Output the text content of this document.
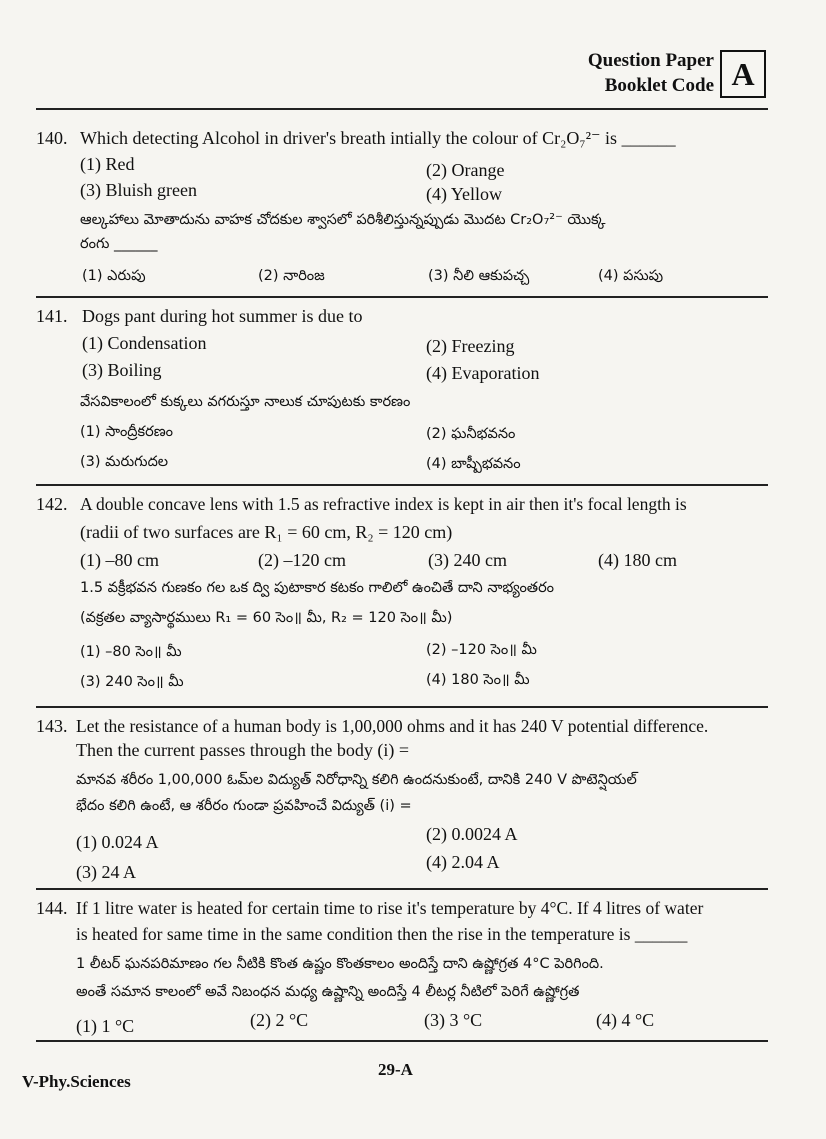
Question Paper
Booklet Code A
140. Which detecting Alcohol in driver's breath intially the colour of Cr₂O₇²⁻ is ______
(1) Red	(2) Orange
(3) Bluish green	(4) Yellow
ఆల్కహాలు మోతాదును వాహక చోదకుల శ్వాసలో పరిశీలిస్తున్నప్పుడు మొదట Cr₂O₇²⁻ యొక్క
రంగు ______
(1) ఎరుపు	(2) నారింజ	(3) నీలి ఆకుపచ్చ	(4) పసుపు
141. Dogs pant during hot summer is due to
(1) Condensation	(2) Freezing
(3) Boiling	(4) Evaporation
వేసవికాలంలో కుక్కలు వగరుస్తూ నాలుక చూపుటకు కారణం
(1) సాంద్రీకరణం	(2) ఘనీభవనం
(3) మరుగుదల	(4) బాష్పీభవనం
142. A double concave lens with 1.5 as refractive index is kept in air then it's focal length is
(radii of two surfaces are R₁ = 60 cm, R₂ = 120 cm)
(1) –80 cm	(2) –120 cm	(3) 240 cm	(4) 180 cm
1.5 వక్రీభవన గుణకం గల ఒక ద్వి పుటాకార కటకం గాలిలో ఉంచితే దాని నాభ్యంతరం
(వక్రతల వ్యాసార్థములు R₁ = 60 సెం॥ మీ, R₂ = 120 సెం॥ మీ)
(1) –80 సెం॥ మీ	(2) –120 సెం॥ మీ
(3) 240 సెం॥ మీ	(4) 180 సెం॥ మీ
143. Let the resistance of a human body is 1,00,000 ohms and it has 240 V potential difference.
Then the current passes through the body (i) =
మానవ శరీరం 1,00,000 ఓమ్‌ల విద్యుత్ నిరోధాన్ని కలిగి ఉందనుకుంటే, దానికి 240 V పొటెన్షియల్
భేదం కలిగి ఉంటే, ఆ శరీరం గుండా ప్రవహించే విద్యుత్ (i) =
(1) 0.024 A	(2) 0.0024 A
(3) 24 A	(4) 2.04 A
144. If 1 litre water is heated for certain time to rise it's temperature by 4°C. If 4 litres of water
is heated for same time in the same condition then the rise in the temperature is ______
1 లీటర్ ఘనపరిమాణం గల నీటికి కొంత ఉష్ణం కొంతకాలం అందిస్తే దాని ఉష్ణోగ్రత 4°C పెరిగింది.
అంతే సమాన కాలంలో అవే నిబంధన మధ్య ఉష్ణాన్ని అందిస్తే 4 లీటర్ల నీటిలో పెరిగే ఉష్ణోగ్రత
(1) 1 °C	(2) 2 °C	(3) 3 °C	(4) 4 °C
V-Phy.Sciences
29-A
